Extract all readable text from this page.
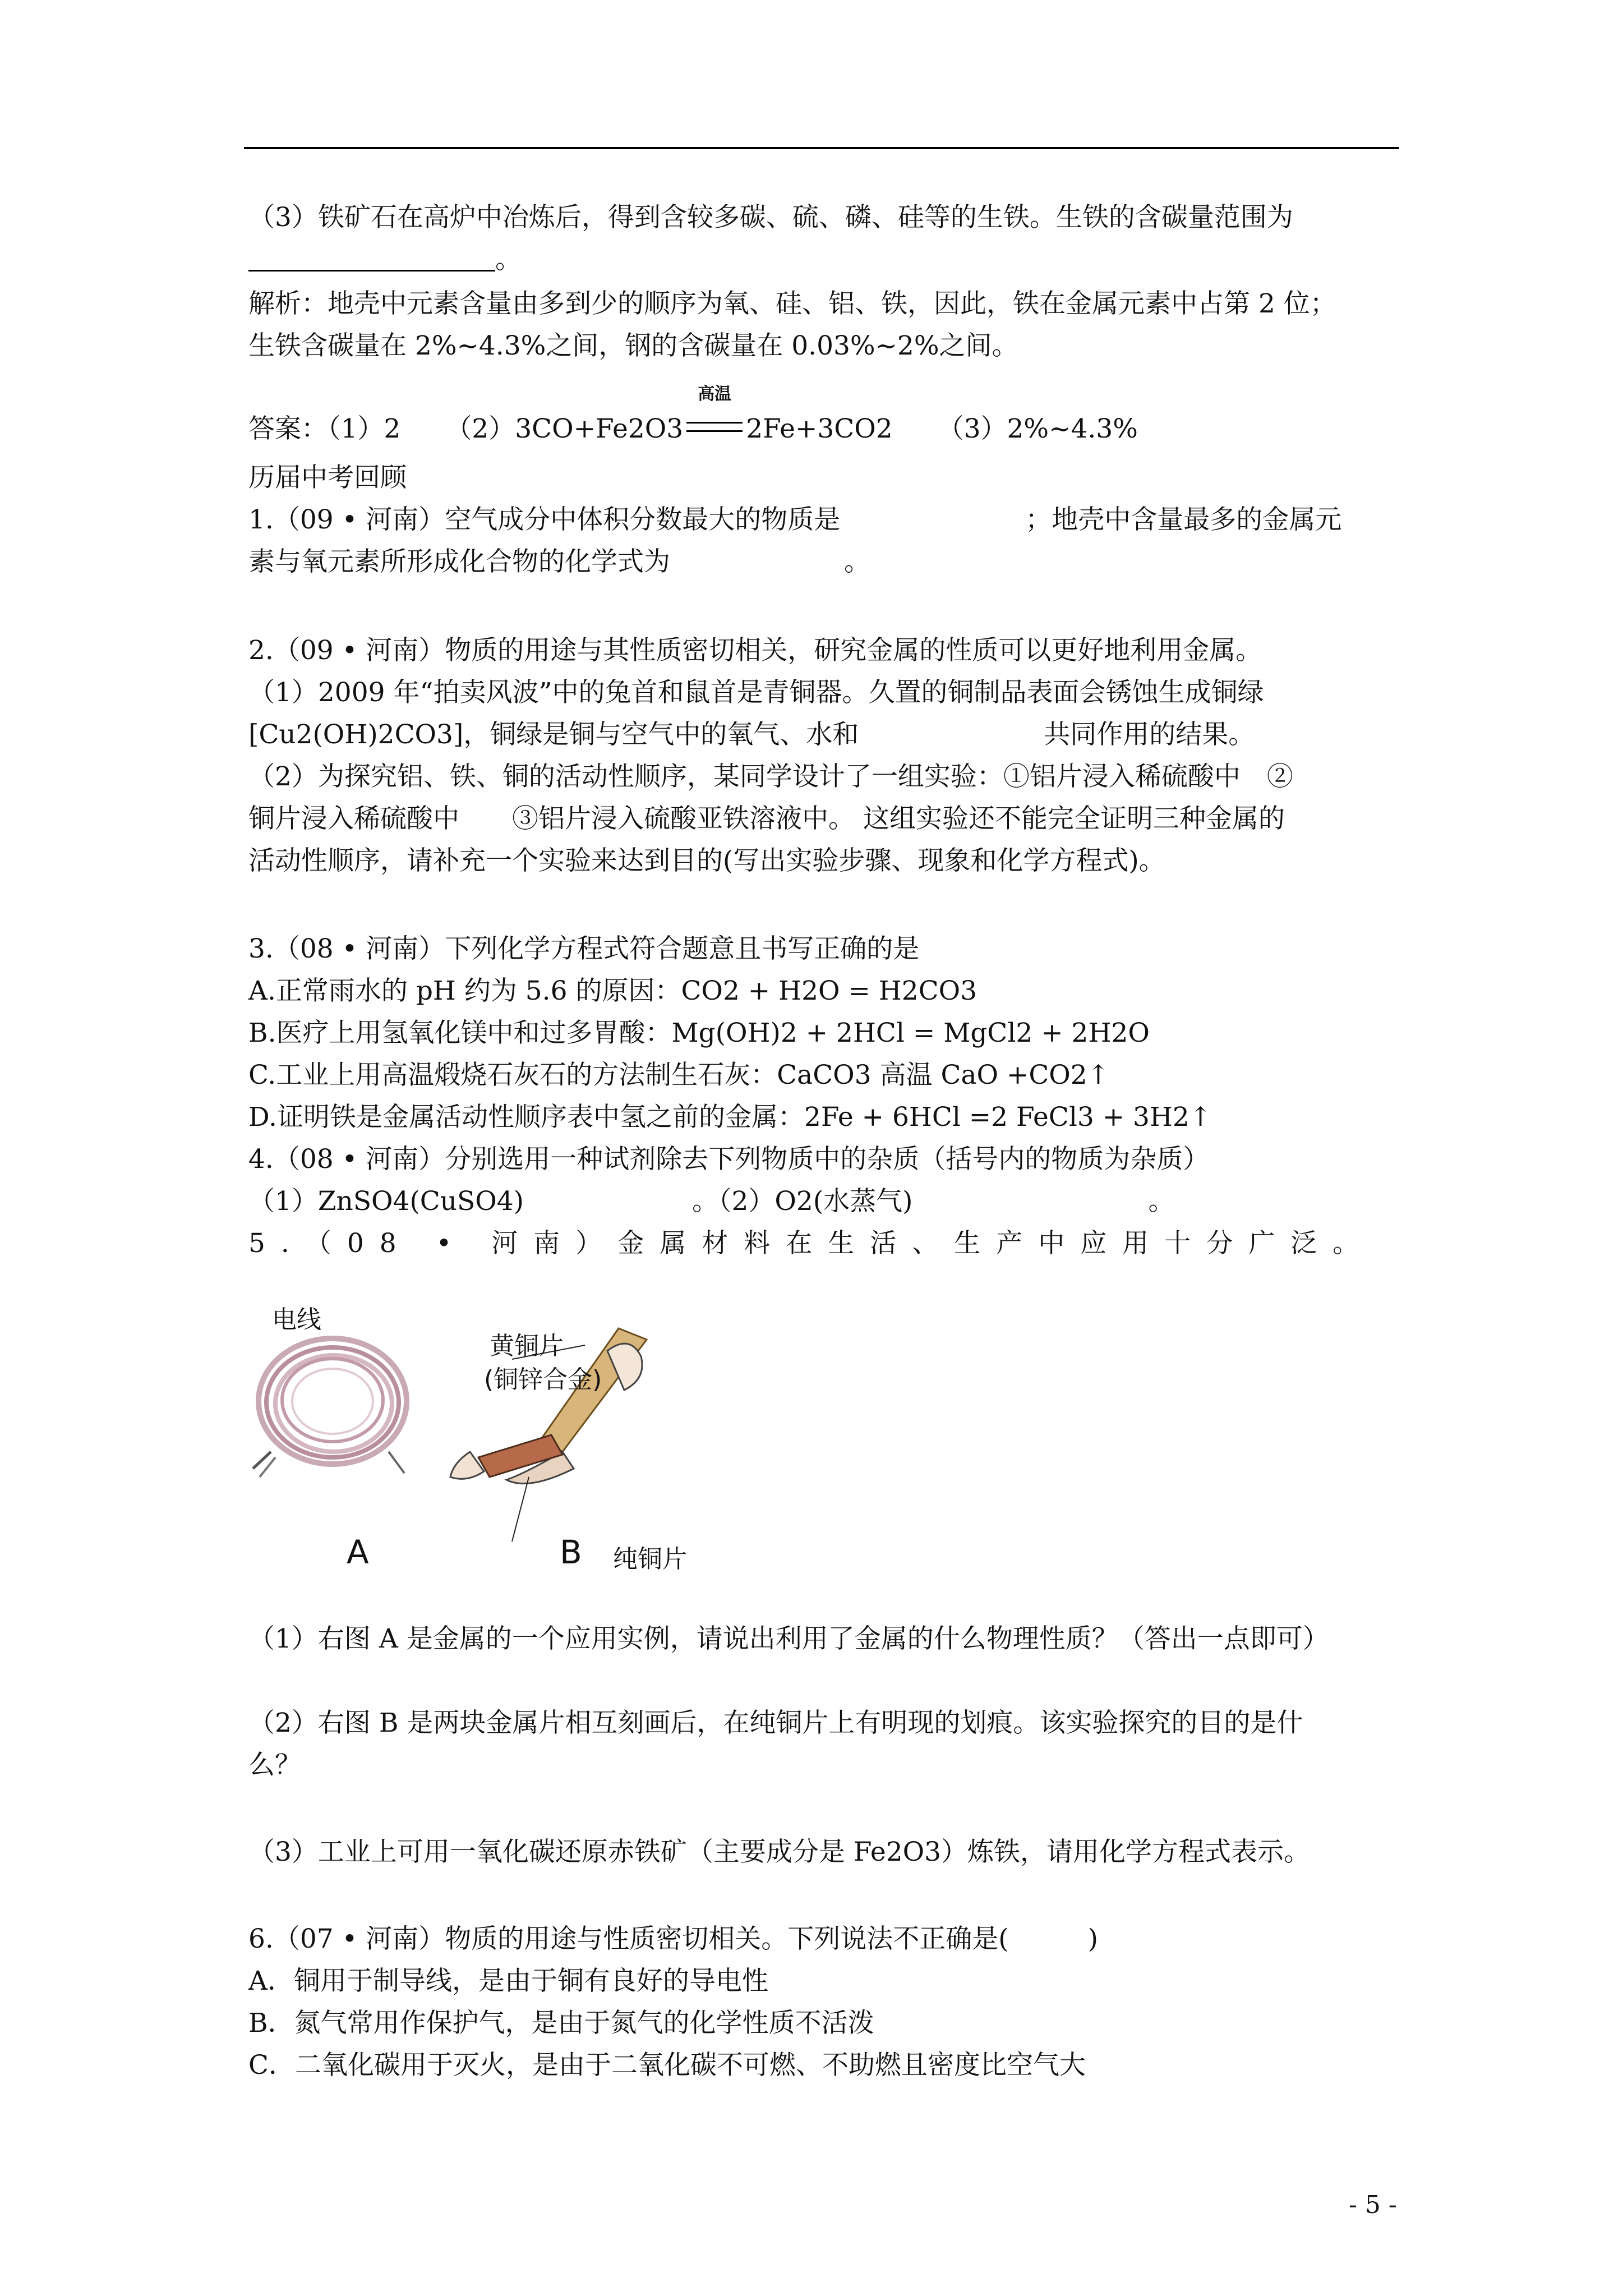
（3）铁矿石在高炉中冶炼后，得到含较多碳、硫、磷、硅等的生铁。生铁的含碳量范围为
。
解析：地壳中元素含量由多到少的顺序为氧、硅、铝、铁，因此，铁在金属元素中占第 2 位；
生铁含碳量在 2%~4.3%之间，钢的含碳量在 0.03%~2%之间。
答案：（1）2 （2）3CO+Fe2O3
高温
2Fe+3CO2 （3）2%~4.3%
历届中考回顾
1.（09 • 河南）空气成分中体积分数最大的物质是	；地壳中含量最多的金属元
素与氧元素所形成化合物的化学式为	。
2.（09 • 河南）物质的用途与其性质密切相关，研究金属的性质可以更好地利用金属。
（1）2009 年“拍卖风波”中的兔首和鼠首是青铜器。久置的铜制品表面会锈蚀生成铜绿
[Cu2(OH)2CO3]，铜绿是铜与空气中的氧气、水和	共同作用的结果。
（2）为探究铝、铁、铜的活动性顺序，某同学设计了一组实验：①铝片浸入稀硫酸中　②
铜片浸入稀硫酸中　　③铝片浸入硫酸亚铁溶液中。 这组实验还不能完全证明三种金属的
活动性顺序，请补充一个实验来达到目的(写出实验步骤、现象和化学方程式)。
3.（08 • 河南）下列化学方程式符合题意且书写正确的是
A.正常雨水的 pH 约为 5.6 的原因：CO2 + H2O = H2CO3
B.医疗上用氢氧化镁中和过多胃酸：Mg(OH)2 + 2HCl = MgCl2 + 2H2O
C.工业上用高温煅烧石灰石的方法制生石灰：CaCO3 高温 CaO +CO2↑
D.证明铁是金属活动性顺序表中氢之前的金属：2Fe + 6HCl =2 FeCl3 + 3H2↑
4.（08 • 河南）分别选用一种试剂除去下列物质中的杂质（括号内的物质为杂质）
（1）ZnSO4(CuSO4)	。（2）O2(水蒸气)	。
5.（08 • 河南）金属材料在生活、生产中应用十分广泛。
电线
黄铜片
(铜锌合金)
纯铜片
A	B
（1）右图 A 是金属的一个应用实例，请说出利用了金属的什么物理性质？（答出一点即可）
（2）右图 B 是两块金属片相互刻画后，在纯铜片上有明现的划痕。该实验探究的目的是什
么？
（3）工业上可用一氧化碳还原赤铁矿（主要成分是 Fe2O3）炼铁，请用化学方程式表示。
6.（07 • 河南）物质的用途与性质密切相关。下列说法不正确是(　　　)
A．铜用于制导线，是由于铜有良好的导电性
B．氮气常用作保护气，是由于氮气的化学性质不活泼
C．二氧化碳用于灭火，是由于二氧化碳不可燃、不助燃且密度比空气大
- 5 -
